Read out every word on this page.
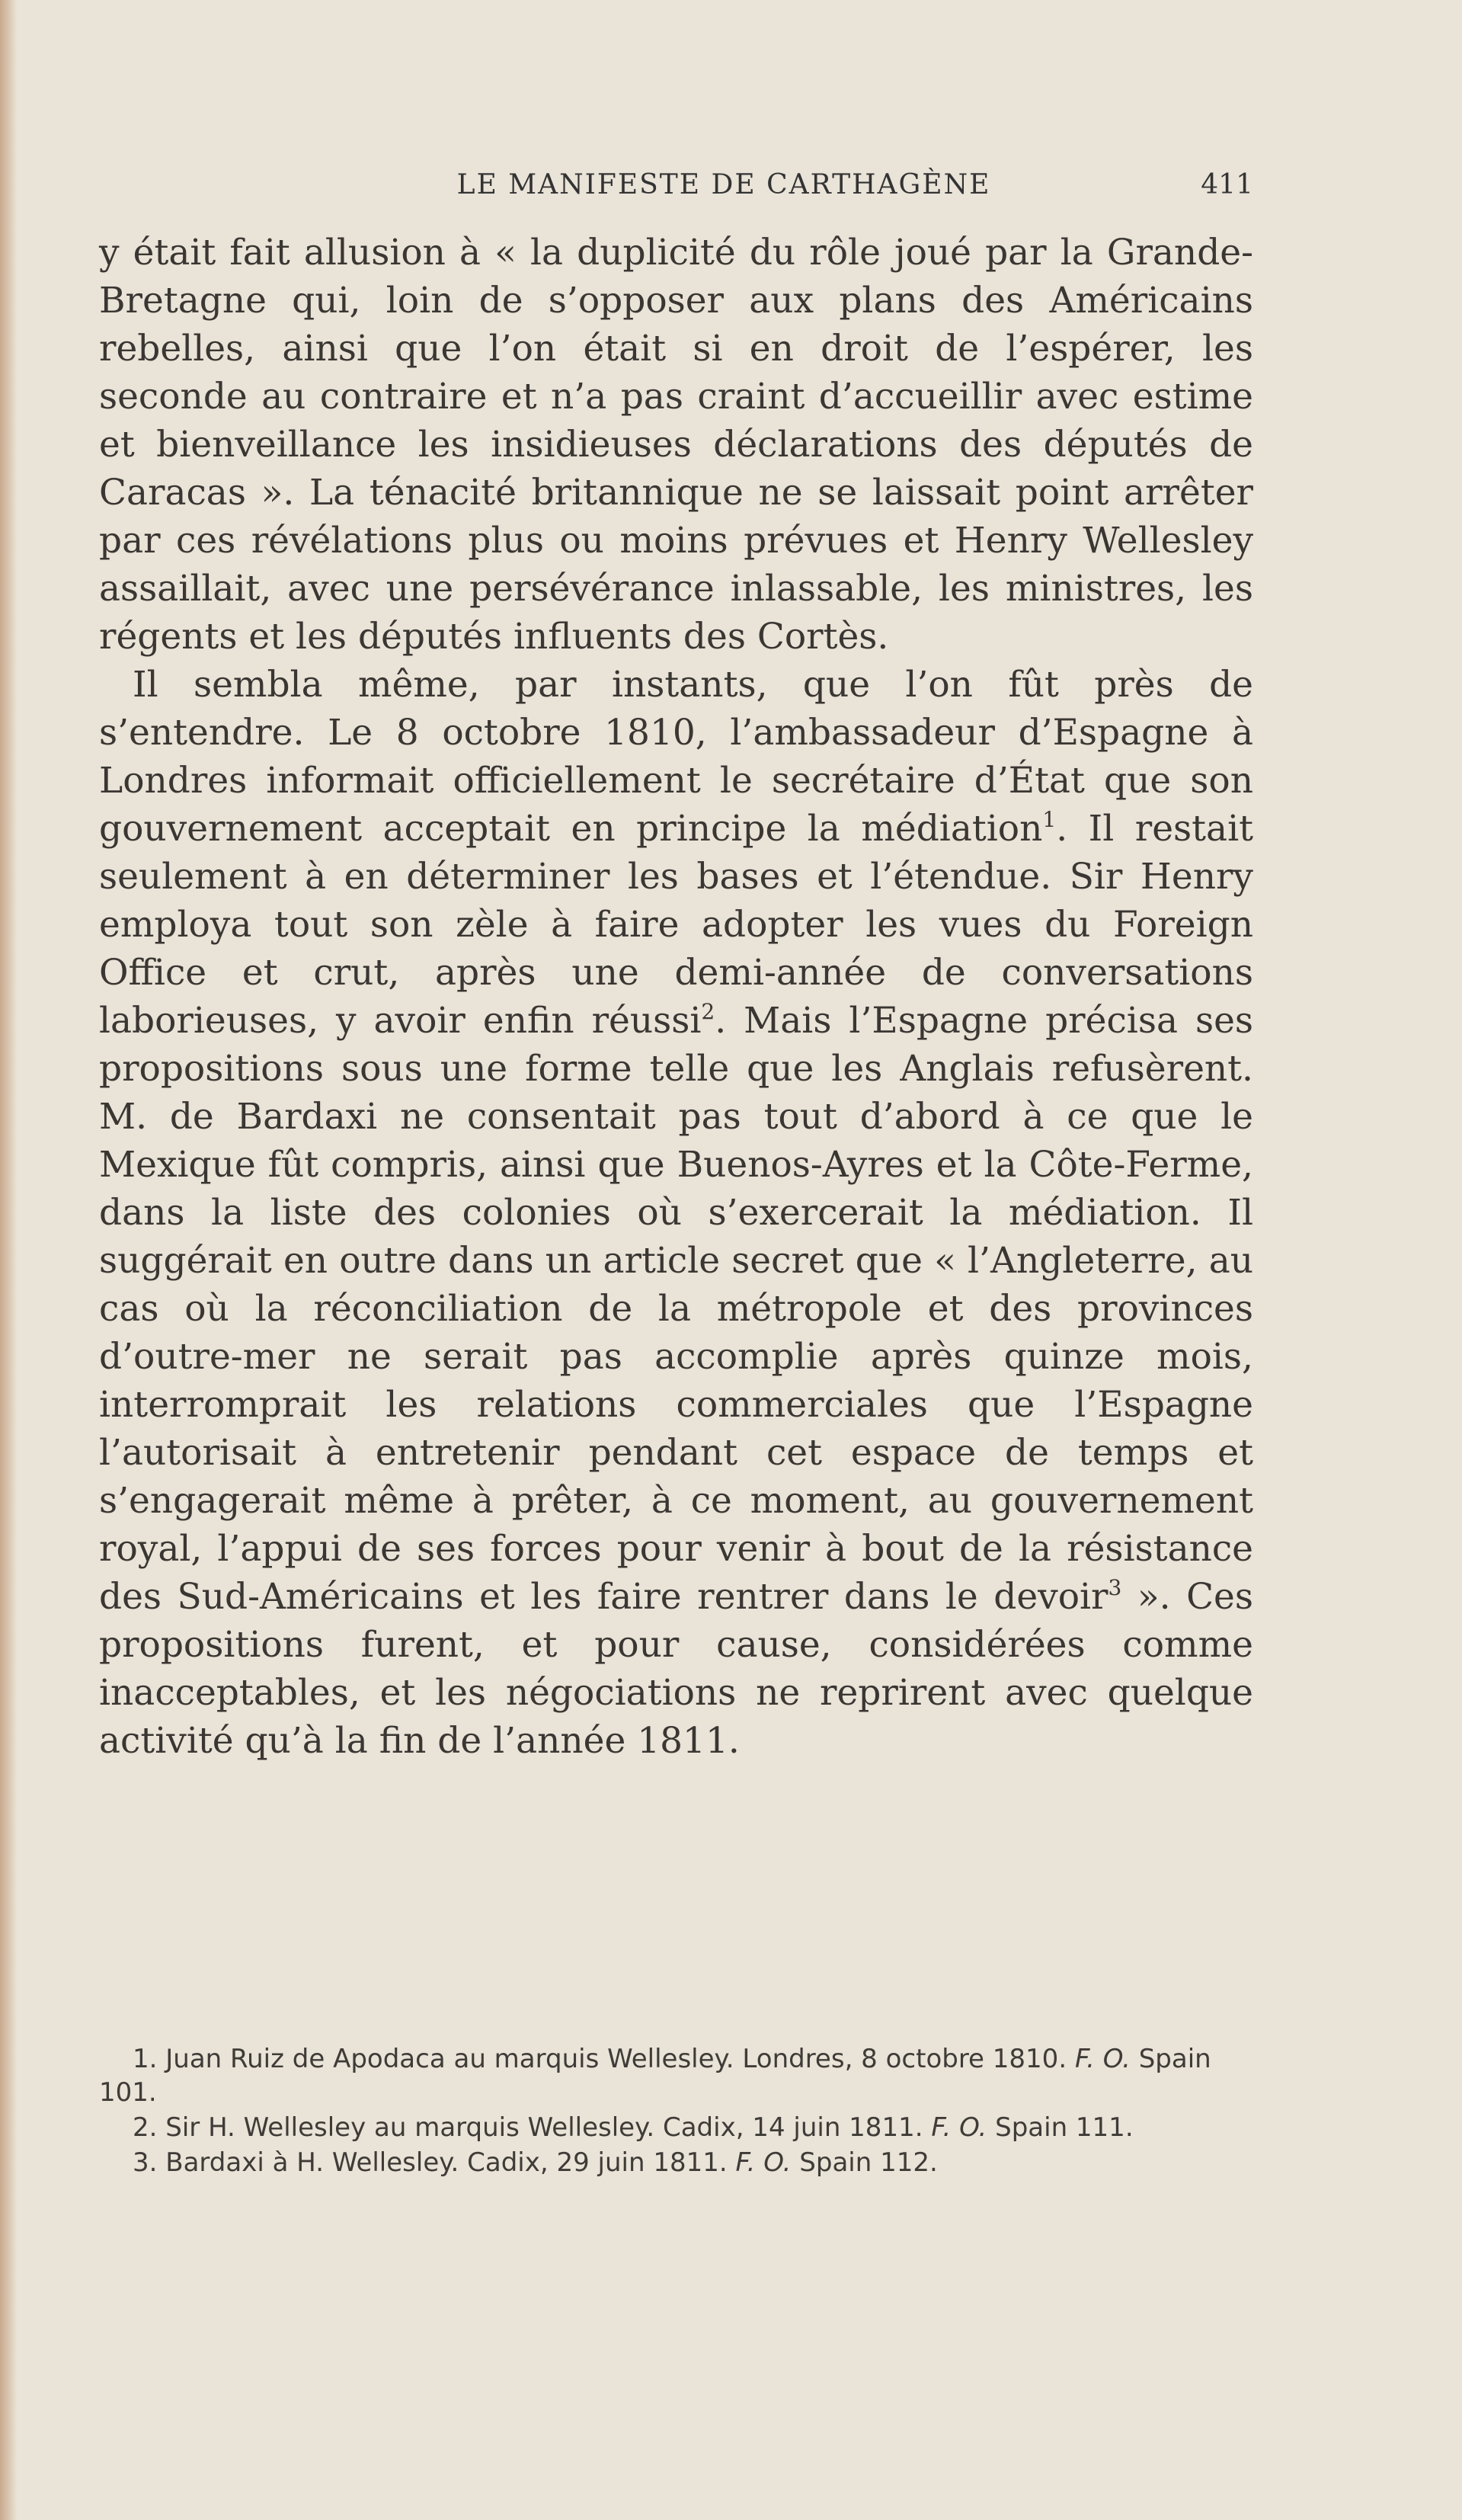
LE MANIFESTE DE CARTHAGÈNE	411

y était fait allusion à « la duplicité du rôle joué par la Grande-Bretagne qui, loin de s’opposer aux plans des Américains rebelles, ainsi que l’on était si en droit de l’espérer, les seconde au contraire et n’a pas craint d’accueillir avec estime et bienveillance les insidieuses déclarations des députés de Caracas ». La ténacité britannique ne se laissait point arrêter par ces révélations plus ou moins prévues et Henry Wellesley assaillait, avec une persévérance inlassable, les ministres, les régents et les députés influents des Cortès.

Il sembla même, par instants, que l’on fût près de s’entendre. Le 8 octobre 1810, l’ambassadeur d’Espagne à Londres informait officiellement le secrétaire d’État que son gouvernement acceptait en principe la médiation$^1$. Il restait seulement à en déterminer les bases et l’étendue. Sir Henry employa tout son zèle à faire adopter les vues du Foreign Office et crut, après une demi-année de conversations laborieuses, y avoir enfin réussi$^2$. Mais l’Espagne précisa ses propositions sous une forme telle que les Anglais refusèrent. M. de Bardaxi ne consentait pas tout d’abord à ce que le Mexique fût compris, ainsi que Buenos-Ayres et la Côte-Ferme, dans la liste des colonies où s’exercerait la médiation. Il suggérait en outre dans un article secret que « l’Angleterre, au cas où la réconciliation de la métropole et des provinces d’outre-mer ne serait pas accomplie après quinze mois, interromprait les relations commerciales que l’Espagne l’autorisait à entretenir pendant cet espace de temps et s’engagerait même à prêter, à ce moment, au gouvernement royal, l’appui de ses forces pour venir à bout de la résistance des Sud-Américains et les faire rentrer dans le devoir$^3$ ». Ces propositions furent, et pour cause, considérées comme inacceptables, et les négociations ne reprirent avec quelque activité qu’à la fin de l’année 1811.

1. Juan Ruiz de Apodaca au marquis Wellesley. Londres, 8 octobre 1810. F. O. Spain 101.

2. Sir H. Wellesley au marquis Wellesley. Cadix, 14 juin 1811. F. O. Spain 111.

3. Bardaxi à H. Wellesley. Cadix, 29 juin 1811. F. O. Spain 112.
